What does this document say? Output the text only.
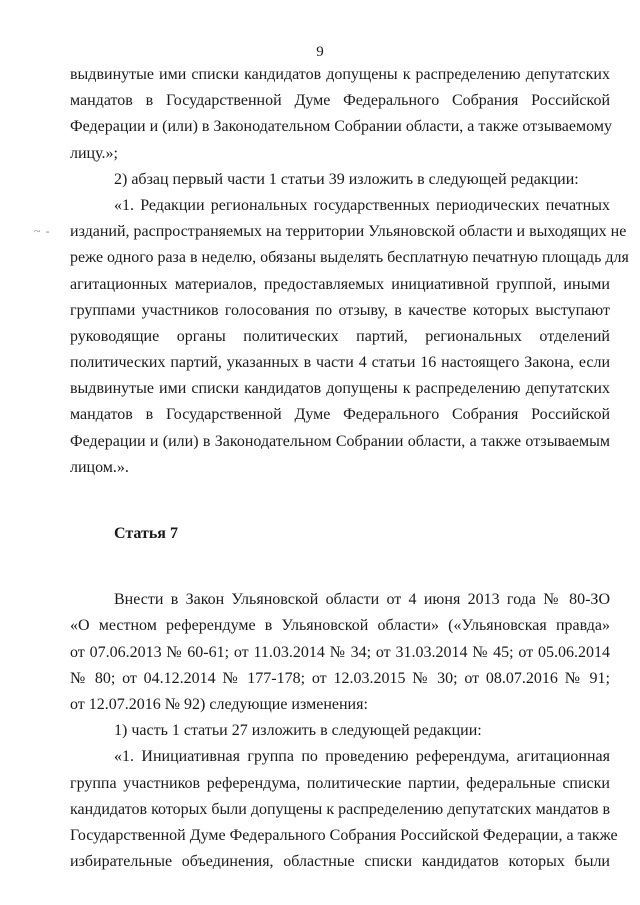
9
~ -
выдвинутые ими списки кандидатов допущены к распределению депутатских
мандатов в Государственной Думе Федерального Собрания Российской
Федерации и (или) в Законодательном Собрании области, а также отзываемому
лицу.»;
2) абзац первый части 1 статьи 39 изложить в следующей редакции:
«1. Редакции региональных государственных периодических печатных
изданий, распространяемых на территории Ульяновской области и выходящих не
реже одного раза в неделю, обязаны выделять бесплатную печатную площадь для
агитационных материалов, предоставляемых инициативной группой, иными
группами участников голосования по отзыву, в качестве которых выступают
руководящие органы политических партий, региональных отделений
политических партий, указанных в части 4 статьи 16 настоящего Закона, если
выдвинутые ими списки кандидатов допущены к распределению депутатских
мандатов в Государственной Думе Федерального Собрания Российской
Федерации и (или) в Законодательном Собрании области, а также отзываемым
лицом.».
Статья 7
Внести в Закон Ульяновской области от 4 июня 2013 года № 80-ЗО
«О местном референдуме в Ульяновской области» («Ульяновская правда»
от 07.06.2013 № 60-61; от 11.03.2014 № 34; от 31.03.2014 № 45; от 05.06.2014
№ 80; от 04.12.2014 № 177-178; от 12.03.2015 № 30; от 08.07.2016 № 91;
от 12.07.2016 № 92) следующие изменения:
1) часть 1 статьи 27 изложить в следующей редакции:
«1. Инициативная группа по проведению референдума, агитационная
группа участников референдума, политические партии, федеральные списки
кандидатов которых были допущены к распределению депутатских мандатов в
Государственной Думе Федерального Собрания Российской Федерации, а также
избирательные объединения, областные списки кандидатов которых были
